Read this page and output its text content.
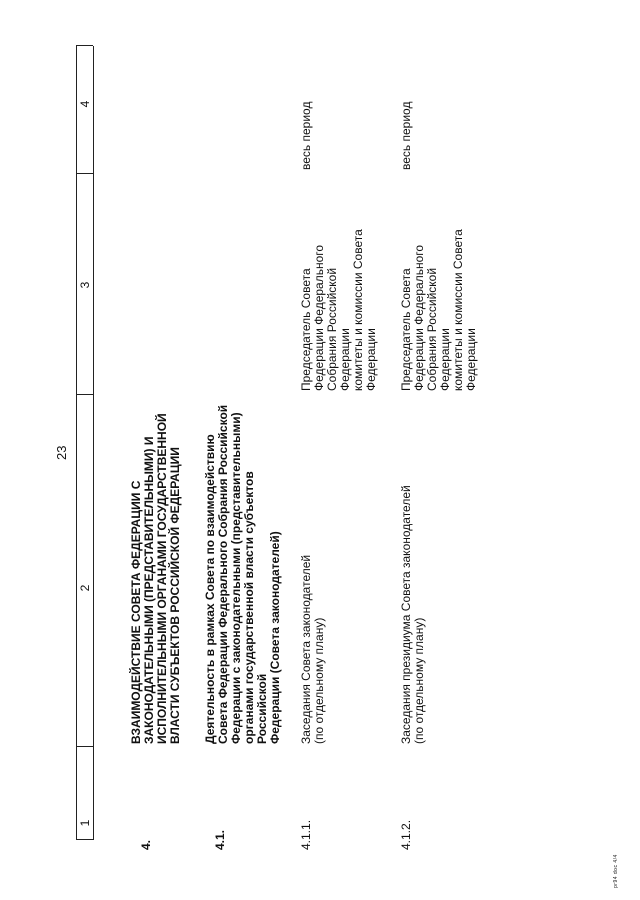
23
1
2
3
4
4.
ВЗАИМОДЕЙСТВИЕ СОВЕТА ФЕДЕРАЦИИ С
ЗАКОНОДАТЕЛЬНЫМИ (ПРЕДСТАВИТЕЛЬНЫМИ) И
ИСПОЛНИТЕЛЬНЫМИ ОРГАНАМИ ГОСУДАРСТВЕННОЙ
ВЛАСТИ СУБЪЕКТОВ РОССИЙСКОЙ ФЕДЕРАЦИИ
4.1.
Деятельность в рамках Совета по взаимодействию
Совета Федерации Федерального Собрания Российской
Федерации с законодательными (представительными)
органами государственной власти субъектов Российской
Федерации (Совета законодателей)
4.1.1.
Заседания Совета законодателей
(по отдельному плану)
Председатель Совета
Федерации Федерального
Собрания Российской
Федерации
комитеты и комиссии Совета
Федерации
весь период
4.1.2.
Заседания президиума Совета законодателей
(по отдельному плану)
Председатель Совета
Федерации Федерального
Собрания Российской
Федерации
комитеты и комиссии Совета
Федерации
весь период
pr94 doc 4/4
